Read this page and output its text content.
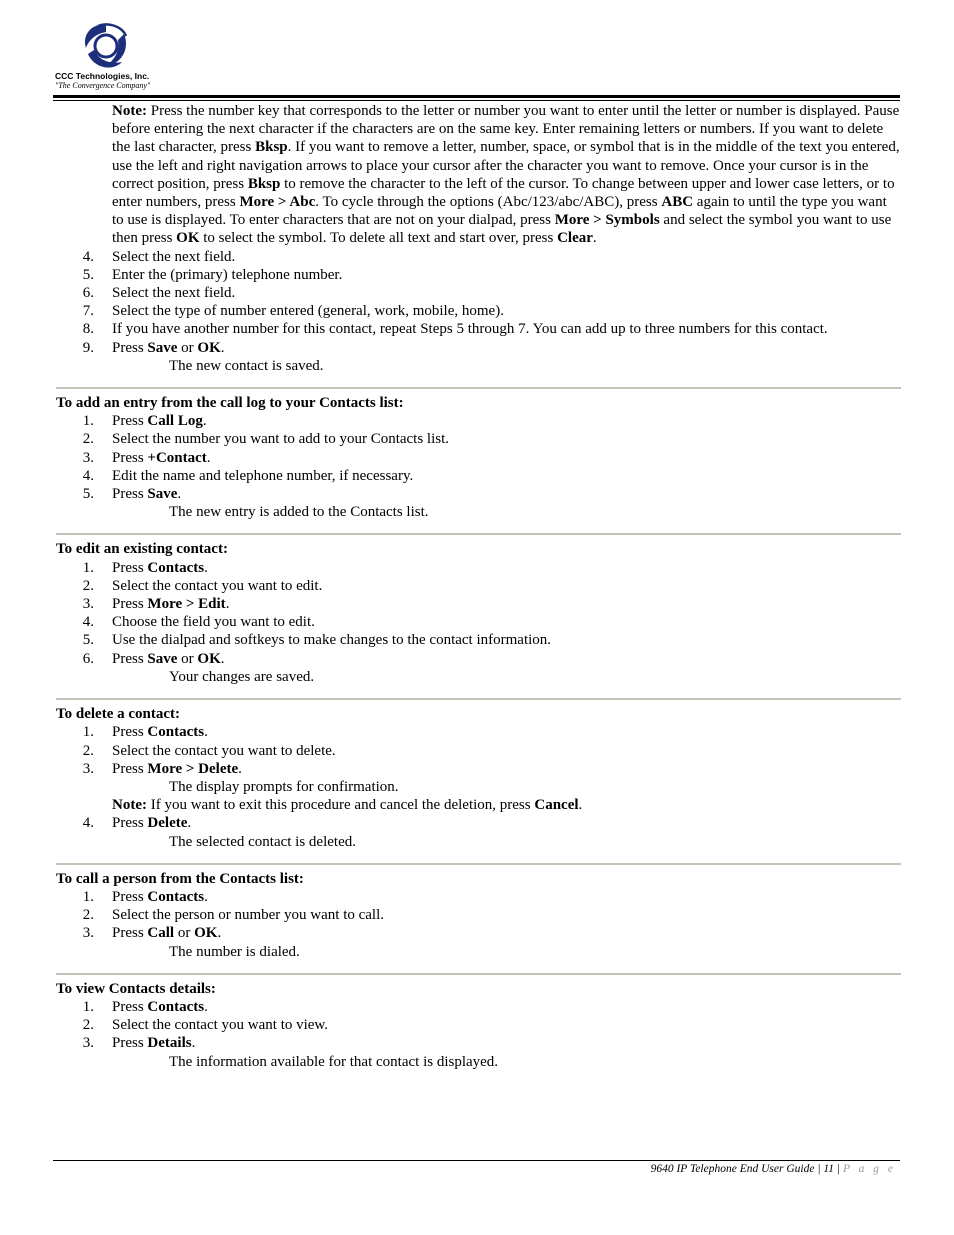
CCC Technologies, Inc.
"The Convergence Company"
Note: Press the number key that corresponds to the letter or number you want to enter until the letter or number is displayed. Pause before entering the next character if the characters are on the same key. Enter remaining letters or numbers. If you want to delete the last character, press Bksp. If you want to remove a letter, number, space, or symbol that is in the middle of the text you entered, use the left and right navigation arrows to place your cursor after the character you want to remove. Once your cursor is in the correct position, press Bksp to remove the character to the left of the cursor. To change between upper and lower case letters, or to enter numbers, press More > Abc. To cycle through the options (Abc/123/abc/ABC), press ABC again to until the type you want to use is displayed. To enter characters that are not on your dialpad, press More > Symbols and select the symbol you want to use then press OK to select the symbol. To delete all text and start over, press Clear.
4.	Select the next field.
5.	Enter the (primary) telephone number.
6.	Select the next field.
7.	Select the type of number entered (general, work, mobile, home).
8.	If you have another number for this contact, repeat Steps 5 through 7. You can add up to three numbers for this contact.
9.	Press Save or OK.
The new contact is saved.
To add an entry from the call log to your Contacts list:
1.	Press Call Log.
2.	Select the number you want to add to your Contacts list.
3.	Press +Contact.
4.	Edit the name and telephone number, if necessary.
5.	Press Save.
The new entry is added to the Contacts list.
To edit an existing contact:
1.	Press Contacts.
2.	Select the contact you want to edit.
3.	Press More > Edit.
4.	Choose the field you want to edit.
5.	Use the dialpad and softkeys to make changes to the contact information.
6.	Press Save or OK.
Your changes are saved.
To delete a contact:
1.	Press Contacts.
2.	Select the contact you want to delete.
3.	Press More > Delete.
The display prompts for confirmation.
Note: If you want to exit this procedure and cancel the deletion, press Cancel.
4.	Press Delete.
The selected contact is deleted.
To call a person from the Contacts list:
1.	Press Contacts.
2.	Select the person or number you want to call.
3.	Press Call or OK.
The number is dialed.
To view Contacts details:
1.	Press Contacts.
2.	Select the contact you want to view.
3.	Press Details.
The information available for that contact is displayed.
9640 IP Telephone End User Guide | 11 | P a g e
